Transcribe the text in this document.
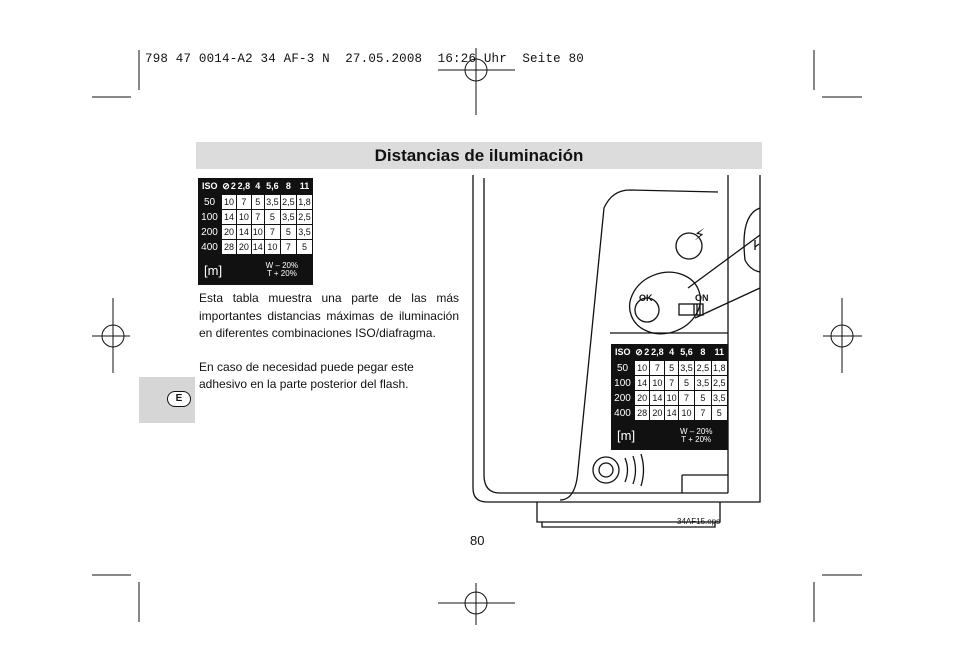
798 47 0014-A2 34 AF-3 N  27.05.2008  16:26 Uhr  Seite 80
Distancias de iluminación
E
ISO	⊘	2	2,8	4	5,6	8	11
50	10		7	5	3,5	2,5	1,8
100	14		10	7	5	3,5	2,5
200	20		14	10	7	5	3,5
400	28		20	14	10	7	5
[m]				W – 20%
T + 20%			

Esta tabla muestra una parte de las más importantes distancias máximas de iluminación en diferentes combinaciones ISO/diafragma.

En caso de necesidad puede pegar este adhesivo en la parte posterior del flash.

⚡
OK	ON
ISO	⊘	2	2,8	4	5,6	8	11
50	10		7	5	3,5	2,5	1,8
100	14		10	7	5	3,5	2,5
200	20		14	10	7	5	3,5
400	28		20	14	10	7	5
[m]				W – 20%
T + 20%			
34AF15.eps
80
